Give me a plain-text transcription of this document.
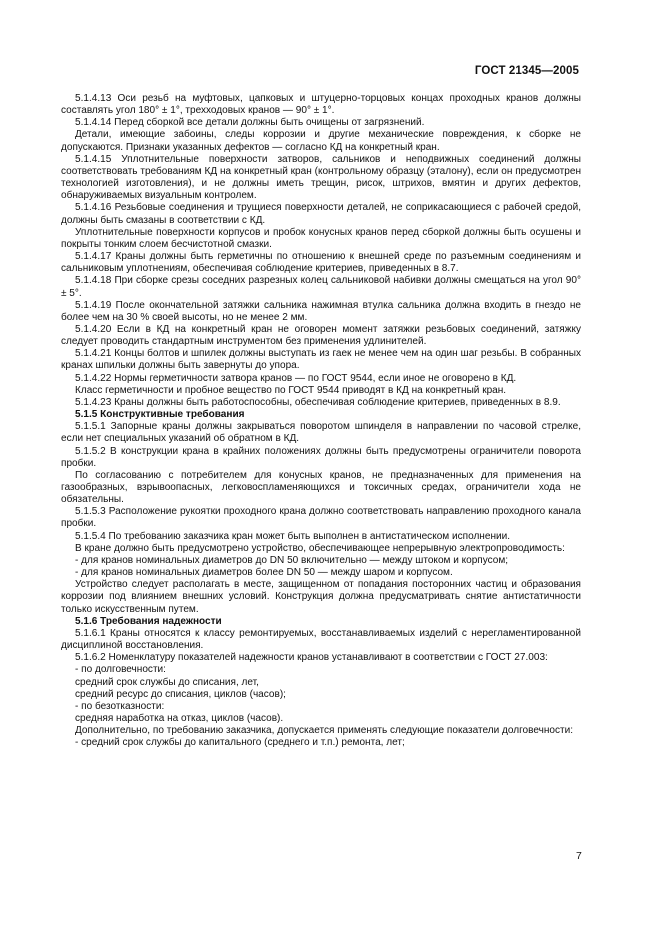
ГОСТ 21345—2005

5.1.4.13 Оси резьб на муфтовых, цапковых и штуцерно-торцовых концах проходных кранов должны составлять угол 180° ± 1°, трехходовых кранов — 90° ± 1°.

5.1.4.14 Перед сборкой все детали должны быть очищены от загрязнений.

Детали, имеющие забоины, следы коррозии и другие механические повреждения, к сборке не допускаются. Признаки указанных дефектов — согласно КД на конкретный кран.

5.1.4.15 Уплотнительные поверхности затворов, сальников и неподвижных соединений должны соответствовать требованиям КД на конкретный кран (контрольному образцу (эталону), если он предусмотрен технологией изготовления), и не должны иметь трещин, рисок, штрихов, вмятин и других дефектов, обнаруживаемых визуальным контролем.

5.1.4.16 Резьбовые соединения и трущиеся поверхности деталей, не соприкасающиеся с рабочей средой, должны быть смазаны в соответствии с КД.

Уплотнительные поверхности корпусов и пробок конусных кранов перед сборкой должны быть осушены и покрыты тонким слоем бесчистотной смазки.

5.1.4.17 Краны должны быть герметичны по отношению к внешней среде по разъемным соединениям и сальниковым уплотнениям, обеспечивая соблюдение критериев, приведенных в 8.7.

5.1.4.18 При сборке срезы соседних разрезных колец сальниковой набивки должны смещаться на угол 90° ± 5°.

5.1.4.19 После окончательной затяжки сальника нажимная втулка сальника должна входить в гнездо не более чем на 30 % своей высоты, но не менее 2 мм.

5.1.4.20 Если в КД на конкретный кран не оговорен момент затяжки резьбовых соединений, затяжку следует проводить стандартным инструментом без применения удлинителей.

5.1.4.21 Концы болтов и шпилек должны выступать из гаек не менее чем на один шаг резьбы. В собранных кранах шпильки должны быть завернуты до упора.

5.1.4.22 Нормы герметичности затвора кранов — по ГОСТ 9544, если иное не оговорено в КД.

Класс герметичности и пробное вещество по ГОСТ 9544 приводят в КД на конкретный кран.

5.1.4.23 Краны должны быть работоспособны, обеспечивая соблюдение критериев, приведенных в 8.9.

5.1.5 Конструктивные требования

5.1.5.1 Запорные краны должны закрываться поворотом шпинделя в направлении по часовой стрелке, если нет специальных указаний об обратном в КД.

5.1.5.2 В конструкции крана в крайних положениях должны быть предусмотрены ограничители поворота пробки.

По согласованию с потребителем для конусных кранов, не предназначенных для применения на газообразных, взрывоопасных, легковоспламеняющихся и токсичных средах, ограничители хода не обязательны.

5.1.5.3 Расположение рукоятки проходного крана должно соответствовать направлению проходного канала пробки.

5.1.5.4 По требованию заказчика кран может быть выполнен в антистатическом исполнении.

В кране должно быть предусмотрено устройство, обеспечивающее непрерывную электропроводимость:

- для кранов номинальных диаметров до DN 50 включительно — между штоком и корпусом;

- для кранов номинальных диаметров более DN 50 — между шаром и корпусом.

Устройство следует располагать в месте, защищенном от попадания посторонних частиц и образования коррозии под влиянием внешних условий. Конструкция должна предусматривать снятие антистатичности только искусственным путем.

5.1.6 Требования надежности

5.1.6.1 Краны относятся к классу ремонтируемых, восстанавливаемых изделий с нерегламентированной дисциплиной восстановления.

5.1.6.2 Номенклатуру показателей надежности кранов устанавливают в соответствии с ГОСТ 27.003:

- по долговечности:

средний срок службы до списания, лет,

средний ресурс до списания, циклов (часов);

- по безотказности:

средняя наработка на отказ, циклов (часов).

Дополнительно, по требованию заказчика, допускается применять следующие показатели долговечности:

- средний срок службы до капитального (среднего и т.п.) ремонта, лет;

7
